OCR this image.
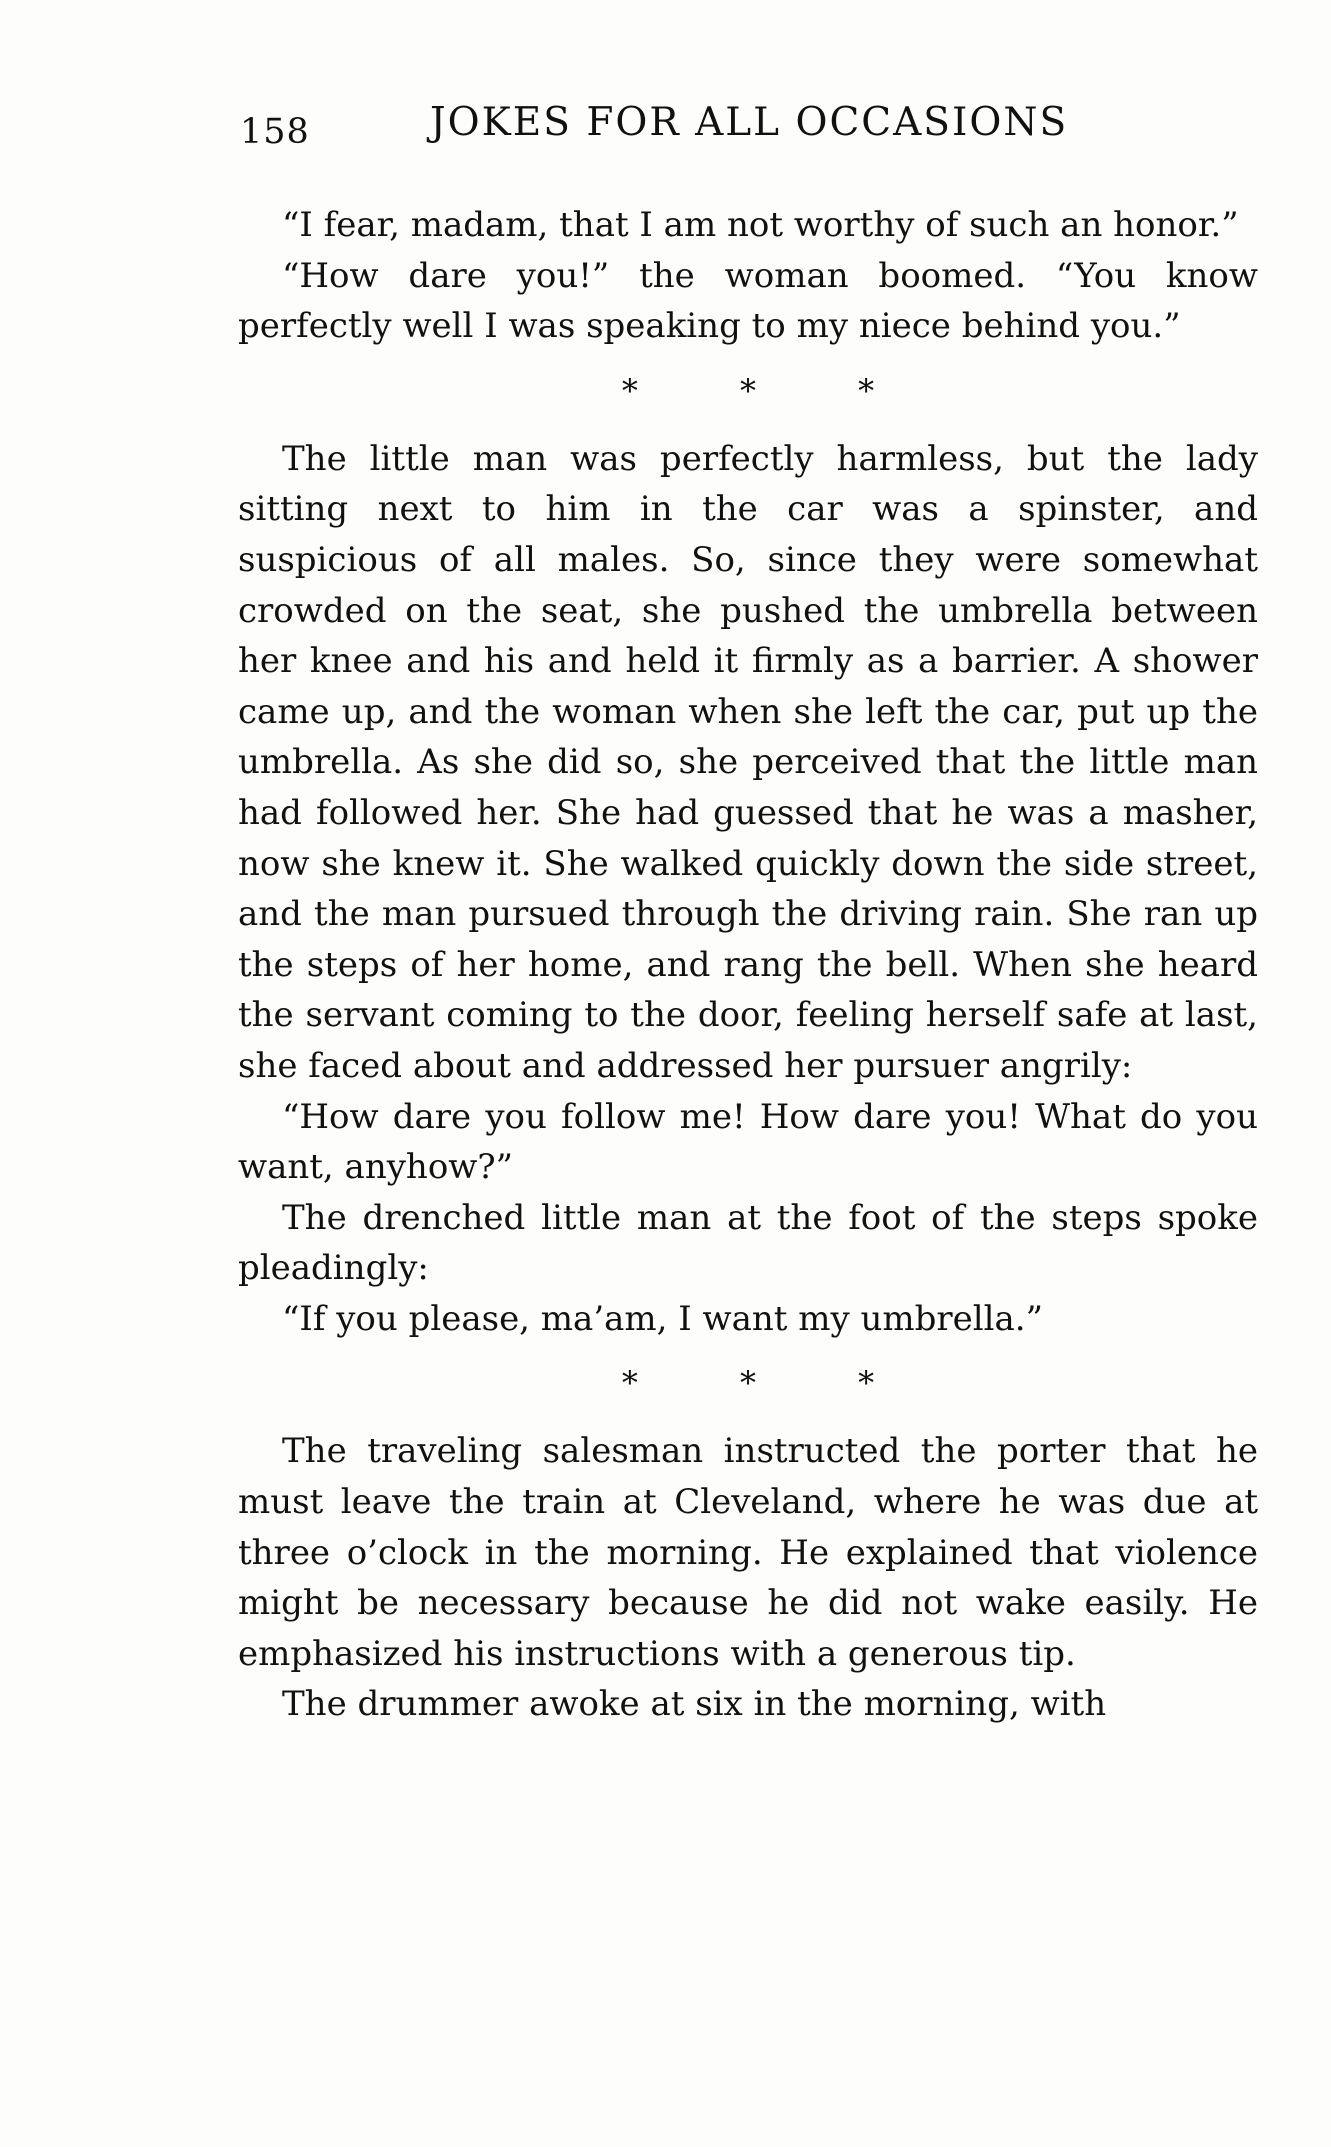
158	JOKES FOR ALL OCCASIONS

“I fear, madam, that I am not worthy of such an honor.”

“How dare you!” the woman boomed. “You know perfectly well I was speaking to my niece behind you.”

* * *

The little man was perfectly harmless, but the lady sitting next to him in the car was a spinster, and suspicious of all males. So, since they were somewhat crowded on the seat, she pushed the umbrella between her knee and his and held it firmly as a barrier. A shower came up, and the woman when she left the car, put up the umbrella. As she did so, she perceived that the little man had followed her. She had guessed that he was a masher, now she knew it. She walked quickly down the side street, and the man pursued through the driving rain. She ran up the steps of her home, and rang the bell. When she heard the servant coming to the door, feeling herself safe at last, she faced about and addressed her pursuer angrily:

“How dare you follow me! How dare you! What do you want, anyhow?”

The drenched little man at the foot of the steps spoke pleadingly:

“If you please, ma’am, I want my umbrella.”

* * *

The traveling salesman instructed the porter that he must leave the train at Cleveland, where he was due at three o’clock in the morning. He explained that violence might be necessary because he did not wake easily. He emphasized his instructions with a generous tip.

The drummer awoke at six in the morning, with
